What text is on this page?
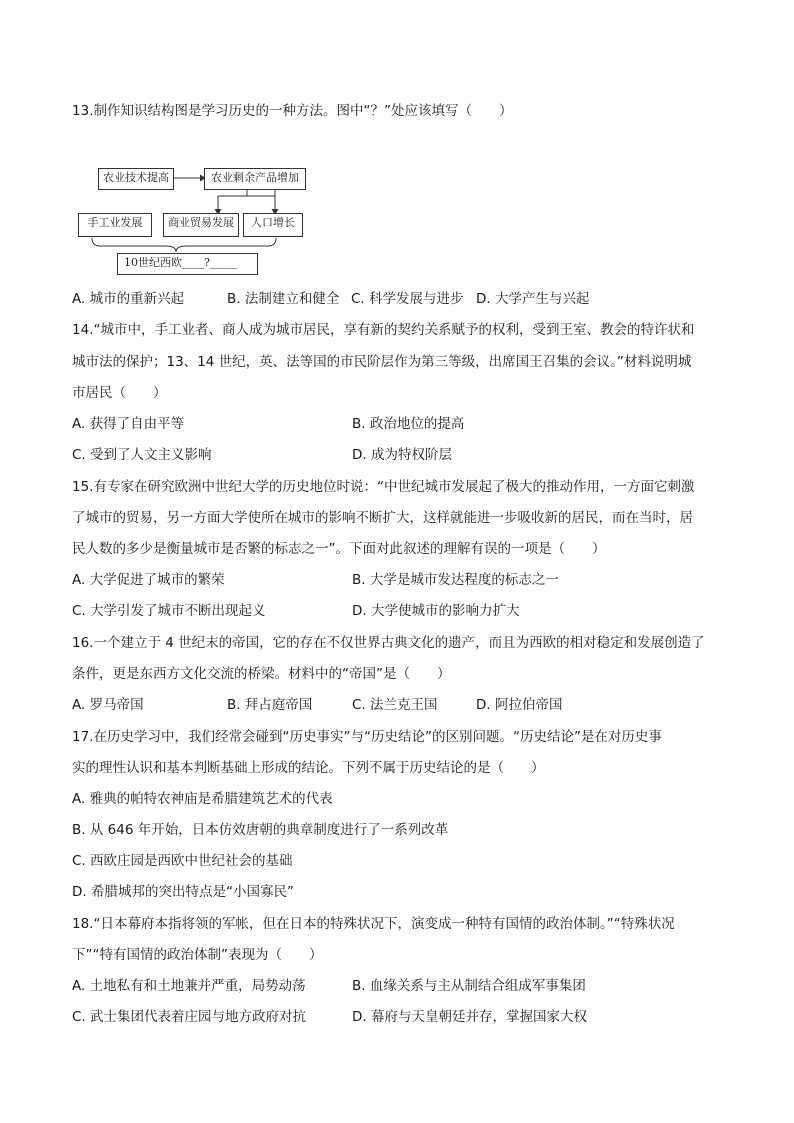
13.制作知识结构图是学习历史的一种方法。图中“？”处应该填写（　　）
农业技术提高	农业剩余产品增加
手工业发展	商业贸易发展	人口增长
10世纪西欧____?_____
A. 城市的重新兴起	B. 法制建立和健全 C. 科学发展与进步 D. 大学产生与兴起
14.“城市中，手工业者、商人成为城市居民，享有新的契约关系赋予的权利，受到王室、教会的特许状和
城市法的保护；13、14 世纪，英、法等国的市民阶层作为第三等级，出席国王召集的会议。”材料说明城
市居民（　　）
A. 获得了自由平等	B. 政治地位的提高
C. 受到了人文主义影响	D. 成为特权阶层
15.有专家在研究欧洲中世纪大学的历史地位时说：“中世纪城市发展起了极大的推动作用，一方面它刺激
了城市的贸易，另一方面大学使所在城市的影响不断扩大，这样就能进一步吸收新的居民，而在当时，居
民人数的多少是衡量城市是否繁的标志之一”。下面对此叙述的理解有误的一项是（　　）
A. 大学促进了城市的繁荣	B. 大学是城市发达程度的标志之一
C. 大学引发了城市不断出现起义	D. 大学使城市的影响力扩大
16.一个建立于 4 世纪末的帝国，它的存在不仅世界古典文化的遗产，而且为西欧的相对稳定和发展创造了
条件，更是东西方文化交流的桥梁。材料中的“帝国”是（　　）
A. 罗马帝国	B. 拜占庭帝国	C. 法兰克王国	D. 阿拉伯帝国
17.在历史学习中，我们经常会碰到“历史事实”与“历史结论”的区别问题。“历史结论”是在对历史事
实的理性认识和基本判断基础上形成的结论。下列不属于历史结论的是（　　）
A. 雅典的帕特农神庙是希腊建筑艺术的代表
B. 从 646 年开始，日本仿效唐朝的典章制度进行了一系列改革
C. 西欧庄园是西欧中世纪社会的基础
D. 希腊城邦的突出特点是“小国寡民”
18.“日本幕府本指将领的军帐，但在日本的特殊状况下，演变成一种特有国情的政治体制。”“特殊状况
下”“特有国情的政治体制”表现为（　　）
A. 土地私有和土地兼并严重，局势动荡	B. 血缘关系与主从制结合组成军事集团
C. 武士集团代表着庄园与地方政府对抗	D. 幕府与天皇朝廷并存，掌握国家大权
